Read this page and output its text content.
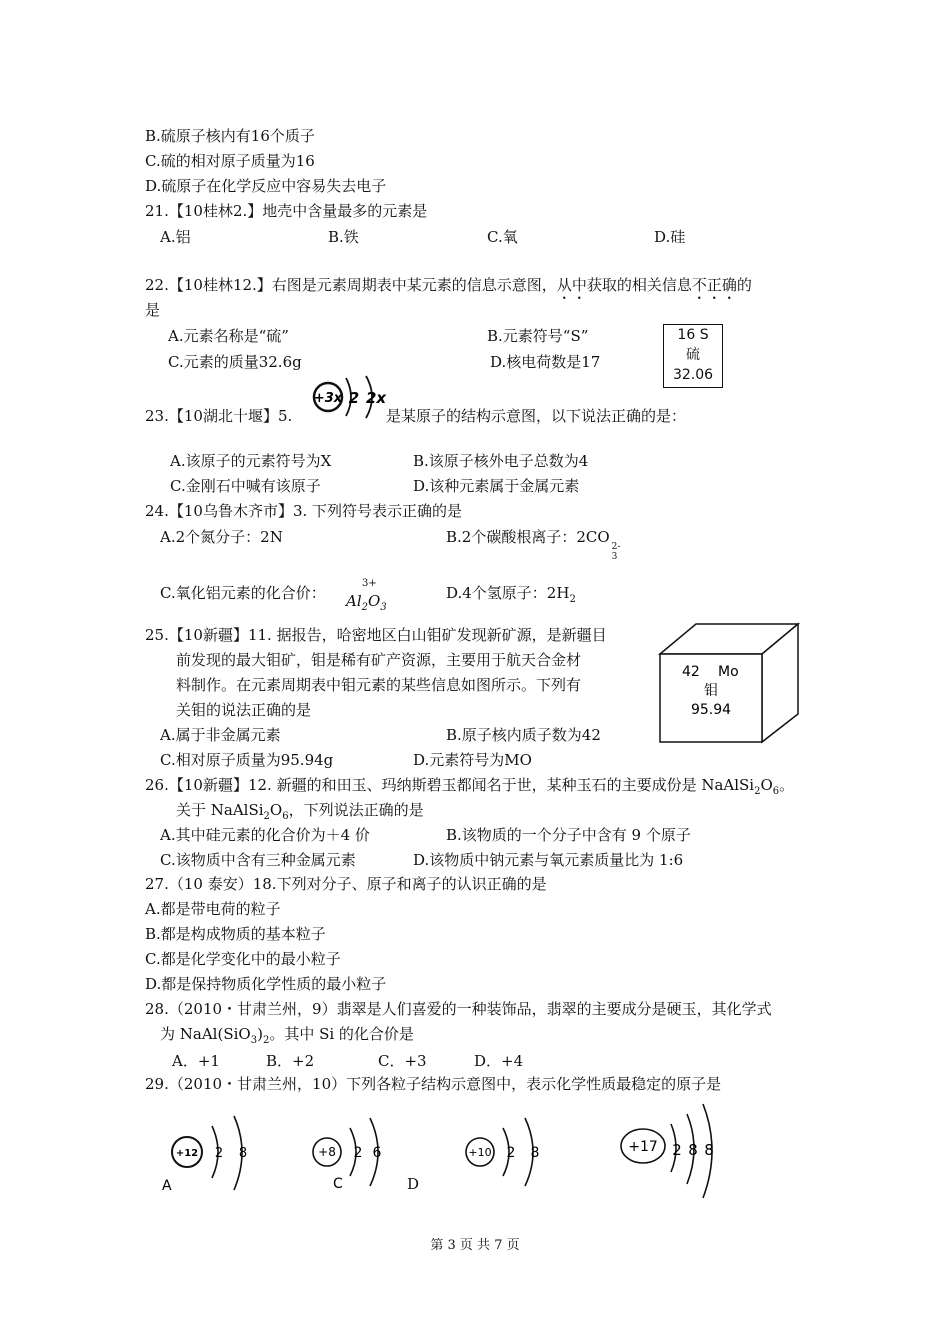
B.硫原子核内有16个质子
C.硫的相对原子质量为16
D.硫原子在化学反应中容易失去电子
21.【10桂林2.】地壳中含量最多的元素是
A.铝	B.铁	C.氧	D.硅
22.【10桂林12.】右图是元素周期表中某元素的信息示意图，从中获取的相关信息不正确的
是
A.元素名称是“硫”	B.元素符号“S”
C.元素的质量32.6g	D.核电荷数是17
16 S
硫
32.06
23.【10湖北十堰】5.
+3x 2 2x
是某原子的结构示意图，以下说法正确的是：
A.该原子的元素符号为X	B.该原子核外电子总数为4
C.金刚石中喊有该原子	D.该种元素属于金属元素
24.【10乌鲁木齐市】3. 下列符号表示正确的是
A.2个氮分子：2N	B.2个碳酸根离子：2CO
2-
3
C.氧化铝元素的化合价：
3+
$Al_2O_3$
D.4个氢原子：$2H_2$
25.【10新疆】11. 据报告，哈密地区白山钼矿发现新矿源，是新疆目
前发现的最大钼矿，钼是稀有矿产资源，主要用于航天合金材
料制作。在元素周期表中钼元素的某些信息如图所示。下列有
关钼的说法正确的是
A.属于非金属元素	B.原子核内质子数为42
C.相对原子质量为95.94g	D.元素符号为MO
42 Mo
钼
95.94
26.【10新疆】12. 新疆的和田玉、玛纳斯碧玉都闻名于世，某种玉石的主要成份是 $NaAlSi_2O_6$。
关于 $NaAlSi_2O_6$，下列说法正确的是
A.其中硅元素的化合价为＋4 价	B.该物质的一个分子中含有 9 个原子
C.该物质中含有三种金属元素	D.该物质中钠元素与氧元素质量比为 1:6
27.（10 泰安）18.下列对分子、原子和离子的认识正确的是
A.都是带电荷的粒子
B.都是构成物质的基本粒子
C.都是化学变化中的最小粒子
D.都是保持物质化学性质的最小粒子
28.（2010・甘肃兰州，9）翡翠是人们喜爱的一种装饰品，翡翠的主要成分是硬玉，其化学式
为 $NaAl(SiO_3)_2$。其中 Si 的化合价是
A．+1	B．+2	C．+3	D．+4
29.（2010・甘肃兰州，10）下列各粒子结构示意图中，表示化学性质最稳定的原子是
+12 2 8
A
+8 2 6
C	D
+10 2 8	+17 2 8 8
第 3 页 共 7 页
